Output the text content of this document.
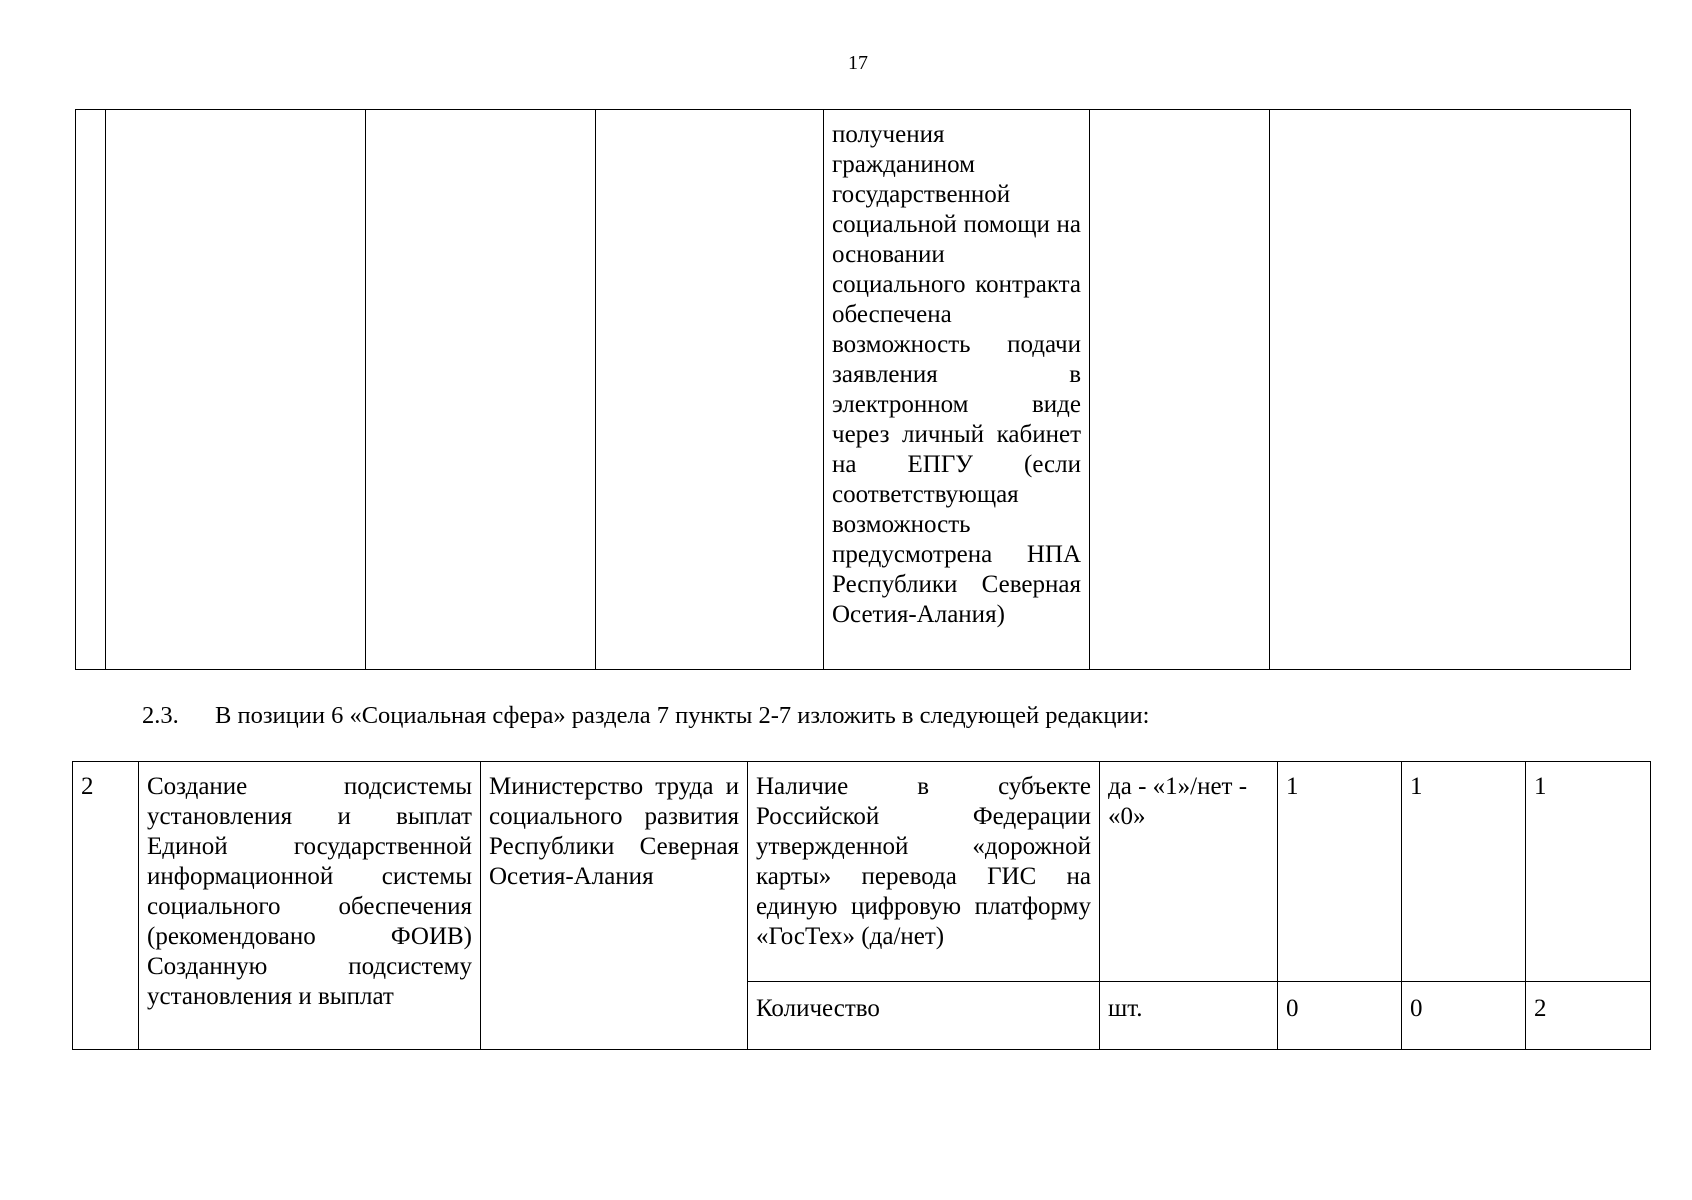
17
				получения гражданином государственной социальной помощи на основании социального контракта обеспечена возможность подачи заявления в электронном виде через личный кабинет на ЕПГУ (если соответствующая возможность предусмотрена НПА Республики Северная Осетия-Алания)		
2.3. В позиции 6 «Социальная сфера» раздела 7 пункты 2-7 изложить в следующей редакции:
2	Создание подсистемы установления и выплат Единой государственной информационной системы социального обеспечения (рекомендовано ФОИВ) Созданную подсистему установления и выплат	Министерство труда и социального развития Республики Северная Осетия-Алания	Наличие в субъекте Российской Федерации утвержденной «дорожной карты» перевода ГИС на единую цифровую платформу «ГосТех» (да/нет)	да - «1»/нет - «0»	1	1	1
			Количество	шт.	0	0	2
